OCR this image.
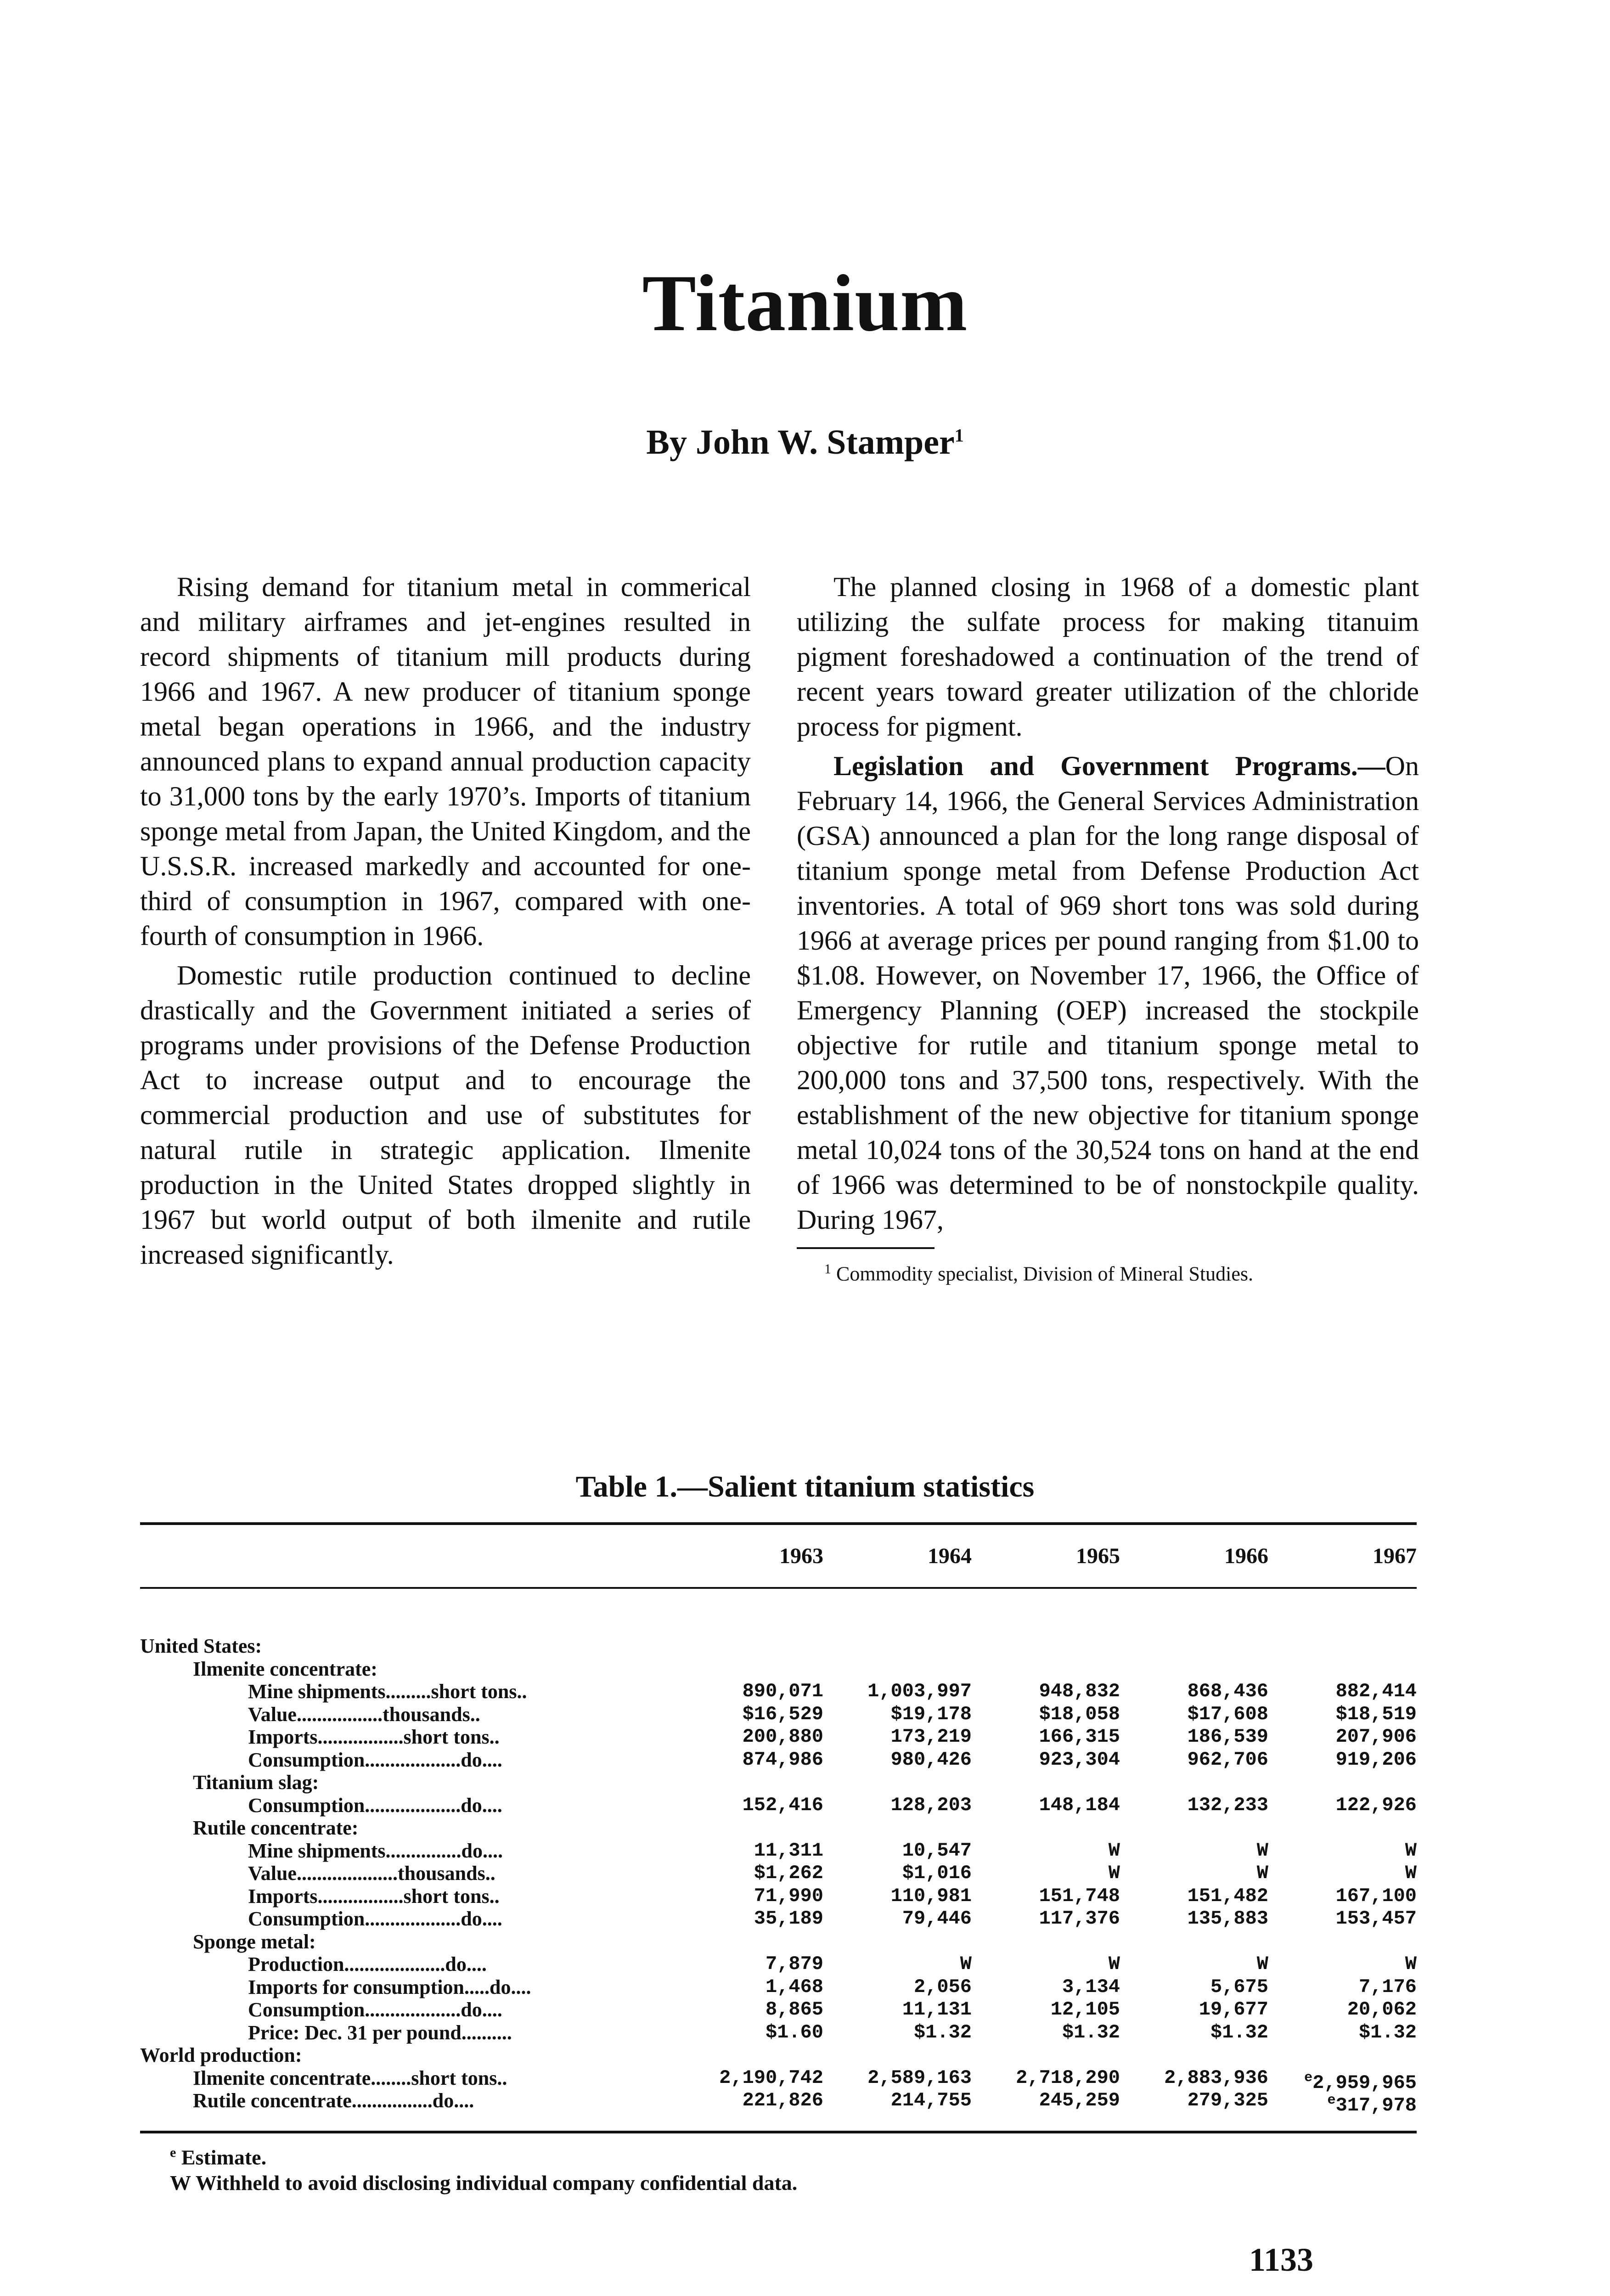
Titanium
By John W. Stamper$^1$

Rising demand for titanium metal in commerical and military airframes and jet-engines resulted in record shipments of titanium mill products during 1966 and 1967. A new producer of titanium sponge metal began operations in 1966, and the industry announced plans to expand annual production capacity to 31,000 tons by the early 1970’s. Imports of titanium sponge metal from Japan, the United Kingdom, and the U.S.S.R. increased markedly and accounted for one-third of consumption in 1967, compared with one-fourth of consumption in 1966.

Domestic rutile production continued to decline drastically and the Government initiated a series of programs under provisions of the Defense Production Act to increase output and to encourage the commercial production and use of substitutes for natural rutile in strategic application. Ilmenite production in the United States dropped slightly in 1967 but world output of both ilmenite and rutile increased significantly.

The planned closing in 1968 of a domestic plant utilizing the sulfate process for making titanuim pigment foreshadowed a continuation of the trend of recent years toward greater utilization of the chloride process for pigment.

Legislation and Government Programs.—On February 14, 1966, the General Services Administration (GSA) announced a plan for the long range disposal of titanium sponge metal from Defense Production Act inventories. A total of 969 short tons was sold during 1966 at average prices per pound ranging from $1.00 to $1.08. However, on November 17, 1966, the Office of Emergency Planning (OEP) increased the stockpile objective for rutile and titanium sponge metal to 200,000 tons and 37,500 tons, respectively. With the establishment of the new objective for titanium sponge metal 10,024 tons of the 30,524 tons on hand at the end of 1966 was determined to be of nonstockpile quality. During 1967,

$^1$ Commodity specialist, Division of Mineral Studies.
Table 1.—Salient titanium statistics
1963	1964	1965	1966	1967
United States:
Ilmenite concentrate:
Mine shipments.........short tons..	890,071	1,003,997	948,832	868,436	882,414
Value.................thousands..	$16,529	$19,178	$18,058	$17,608	$18,519
Imports.................short tons..	200,880	173,219	166,315	186,539	207,906
Consumption...................do....	874,986	980,426	923,304	962,706	919,206
Titanium slag:
Consumption...................do....	152,416	128,203	148,184	132,233	122,926
Rutile concentrate:
Mine shipments...............do....	11,311	10,547	W	W	W
Value....................thousands..	$1,262	$1,016	W	W	W
Imports.................short tons..	71,990	110,981	151,748	151,482	167,100
Consumption...................do....	35,189	79,446	117,376	135,883	153,457
Sponge metal:
Production....................do....	7,879	W	W	W	W
Imports for consumption.....do....	1,468	2,056	3,134	5,675	7,176
Consumption...................do....	8,865	11,131	12,105	19,677	20,062
Price: Dec. 31 per pound..........	$1.60	$1.32	$1.32	$1.32	$1.32
World production:
Ilmenite concentrate........short tons..	2,190,742	2,589,163	2,718,290	2,883,936	$^e$2,959,965
Rutile concentrate................do....	221,826	214,755	245,259	279,325	$^e$317,978
$^e$ Estimate.
W Withheld to avoid disclosing individual company confidential data.
1133
